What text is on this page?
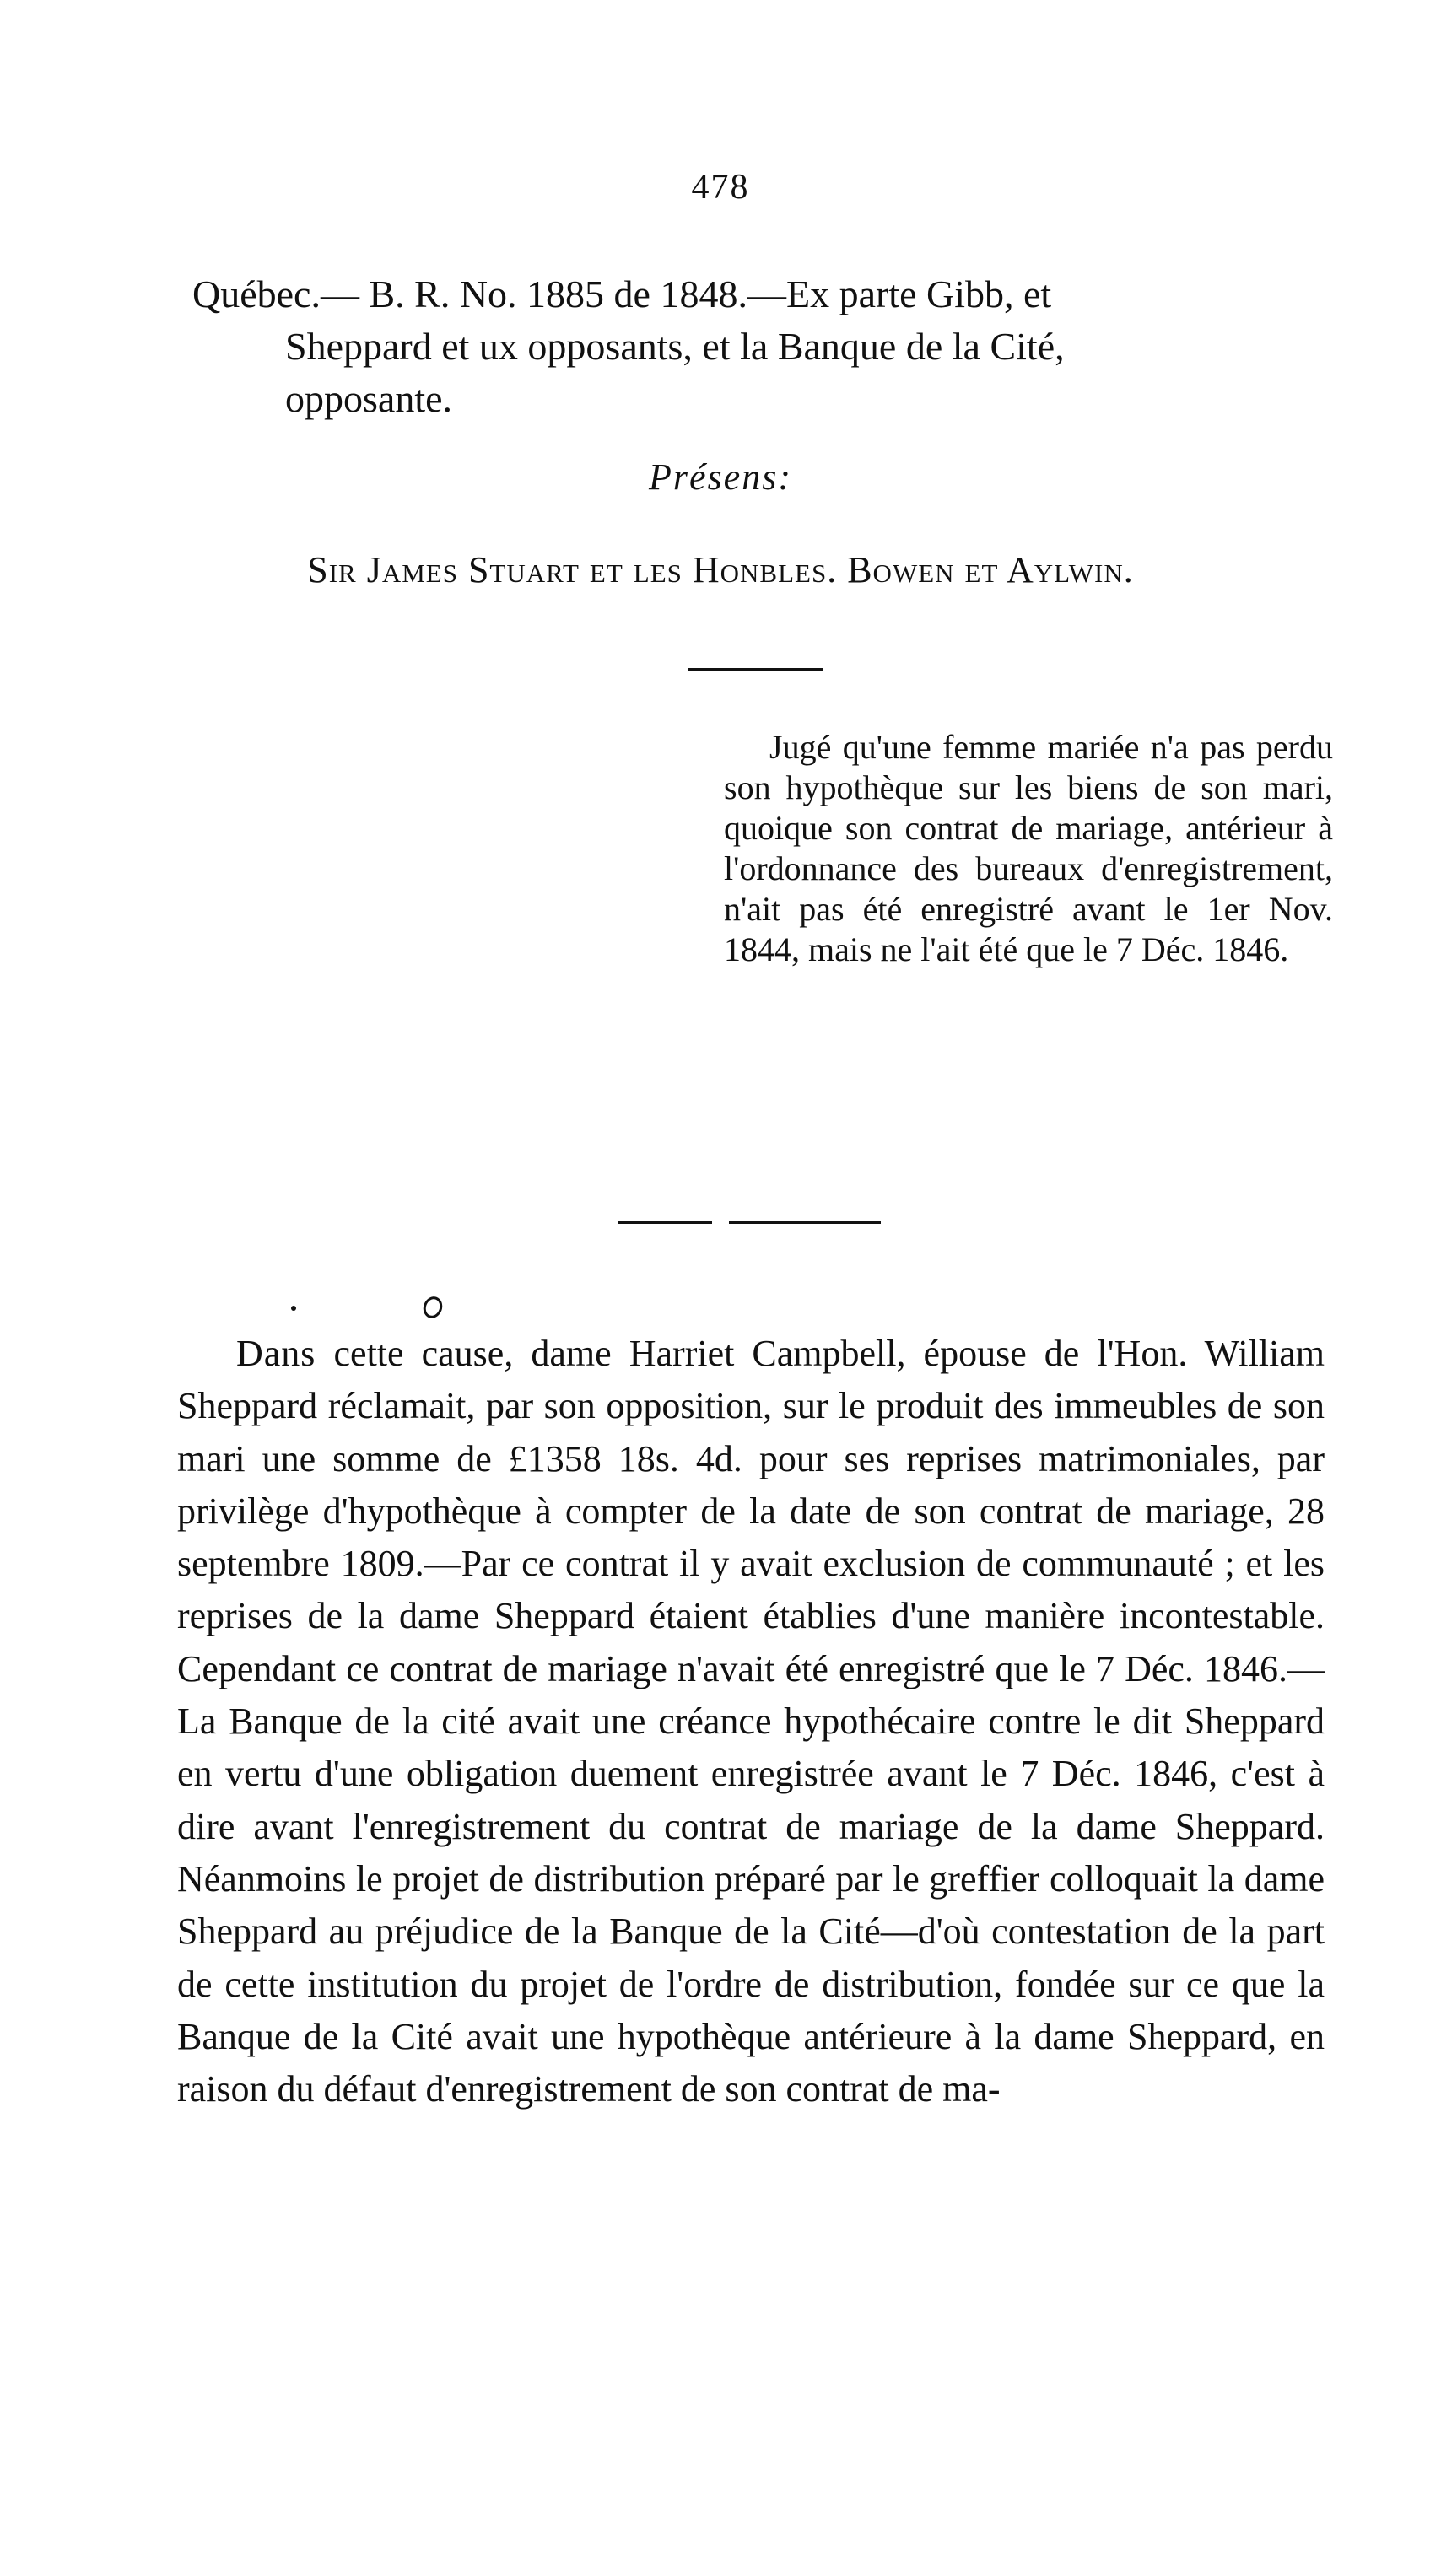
478
Québec.— B. R. No. 1885 de 1848.—Ex parte Gibb, et
Sheppard et ux opposants, et la Banque de la Cité,
opposante.
Présens:
Sir James Stuart et les Honbles. Bowen et Aylwin.
Jugé qu'une femme mariée n'a pas perdu son hypothèque sur les biens de son mari, quoique son contrat de mariage, antérieur à l'ordonnance des bureaux d'enregistrement, n'ait pas été enregistré avant le 1er Nov. 1844, mais ne l'ait été que le 7 Déc. 1846.
Dans cette cause, dame Harriet Campbell, épouse de l'Hon. William Sheppard réclamait, par son opposition, sur le produit des immeubles de son mari une somme de £1358 18s. 4d. pour ses reprises matrimoniales, par privilège d'hypothèque à compter de la date de son contrat de mariage, 28 septembre 1809.—Par ce contrat il y avait exclusion de communauté ; et les reprises de la dame Sheppard étaient établies d'une manière incontestable. Cependant ce contrat de mariage n'avait été enregistré que le 7 Déc. 1846.—La Banque de la cité avait une créance hypothécaire contre le dit Sheppard en vertu d'une obligation duement enregistrée avant le 7 Déc. 1846, c'est à dire avant l'enregistrement du contrat de mariage de la dame Sheppard. Néanmoins le projet de distribution préparé par le greffier colloquait la dame Sheppard au préjudice de la Banque de la Cité—d'où contestation de la part de cette institution du projet de l'ordre de distribution, fondée sur ce que la Banque de la Cité avait une hypothèque antérieure à la dame Sheppard, en raison du défaut d'enregistrement de son contrat de ma-
